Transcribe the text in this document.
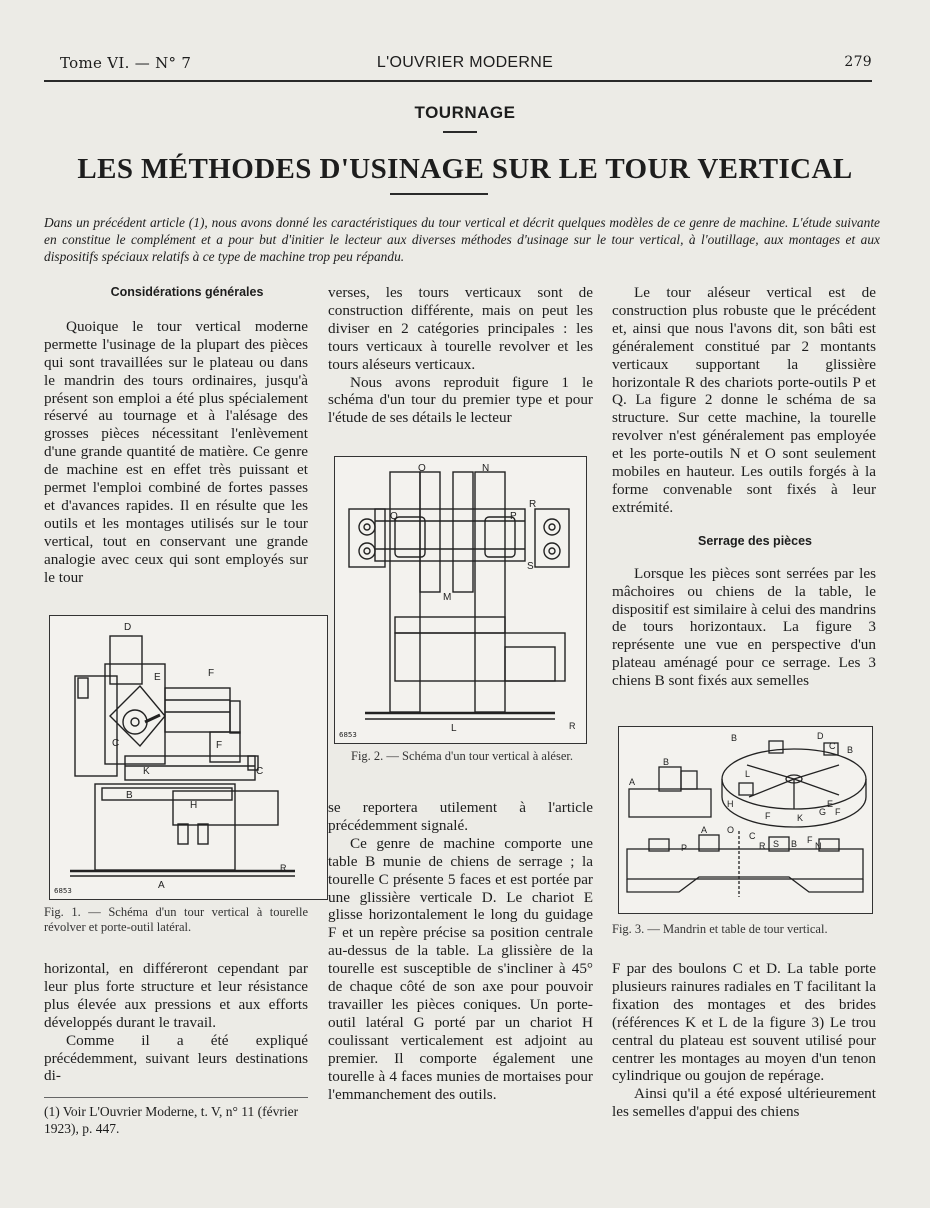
Tome VI. — N° 7	L'OUVRIER MODERNE	279
TOURNAGE
LES MÉTHODES D'USINAGE SUR LE TOUR VERTICAL
Dans un précédent article (1), nous avons donné les caractéristiques du tour vertical et décrit quelques modèles de ce genre de machine. L'étude suivante en constitue le complément et a pour but d'initier le lecteur aux diverses méthodes d'usinage sur le tour vertical, à l'outillage, aux montages et aux dispositifs spéciaux relatifs à ce type de machine trop peu répandu.

Considérations générales

Quoique le tour vertical moderne permette l'usinage de la plupart des pièces qui sont travaillées sur le plateau ou dans le mandrin des tours ordinaires, jusqu'à présent son emploi a été plus spécialement réservé au tournage et à l'alésage des grosses pièces nécessitant l'enlèvement d'une grande quantité de matière. Ce genre de machine est en effet très puissant et permet l'emploi combiné de fortes passes et d'avances rapides. Il en résulte que les outils et les montages utilisés sur le tour vertical, tout en conservant une grande analogie avec ceux qui sont employés sur le tour

D
E	F
C	F
K	C
B
H
A
R
6853
Fig. 1. — Schéma d'un tour vertical à tourelle révolver et porte-outil latéral.

horizontal, en différeront cependant par leur plus forte structure et leur résistance plus élevée aux pressions et aux efforts développés durant le travail.

Comme il a été expliqué précédemment, suivant leurs destinations di-

(1) Voir L'Ouvrier Moderne, t. V, n° 11 (février 1923), p. 447.

verses, les tours verticaux sont de construction différente, mais on peut les diviser en 2 catégories principales : les tours verticaux à tourelle revolver et les tours aléseurs verticaux.

Nous avons reproduit figure 1 le schéma d'un tour du premier type et pour l'étude de ses détails le lecteur

O	N
Q	P
R
S
M
L	R
6853
Fig. 2. — Schéma d'un tour vertical à aléser.

se reportera utilement à l'article précédemment signalé.

Ce genre de machine comporte une table B munie de chiens de serrage ; la tourelle C présente 5 faces et est portée par une glissière verticale D. Le chariot E glisse horizontalement le long du guidage F et un repère précise sa position centrale au-dessus de la table. La glissière de la tourelle est susceptible de s'incliner à 45° de chaque côté de son axe pour pouvoir travailler les pièces coniques. Un porte-outil latéral G porté par un chariot H coulissant verticalement est adjoint au premier. Il comporte également une tourelle à 4 faces munies de mortaises pour l'emmanchement des outils.

Le tour aléseur vertical est de construction plus robuste que le précédent et, ainsi que nous l'avons dit, son bâti est généralement constitué par 2 montants verticaux supportant la glissière horizontale R des chariots porte-outils P et Q. La figure 2 donne le schéma de sa structure. Sur cette machine, la tourelle revolver n'est généralement pas employée et les porte-outils N et O sont seulement mobiles en hauteur. Les outils forgés à la forme convenable sont fixés à leur extrémité.

Serrage des pièces

Lorsque les pièces sont serrées par les mâchoires ou chiens de la table, le dispositif est similaire à celui des mandrins de tours horizontaux. La figure 3 représente une vue en perspective d'un plateau aménagé pour ce serrage. Les 3 chiens B sont fixés aux semelles

B	D
B
C
A
B
L
H
F	K
G
E
F
A O
C
B F
P	R S	N
Fig. 3. — Mandrin et table de tour vertical.

F par des boulons C et D. La table porte plusieurs rainures radiales en T facilitant la fixation des montages et des brides (références K et L de la figure 3) Le trou central du plateau est souvent utilisé pour centrer les montages au moyen d'un tenon cylindrique ou goujon de repérage.

Ainsi qu'il a été exposé ultérieurement les semelles d'appui des chiens
